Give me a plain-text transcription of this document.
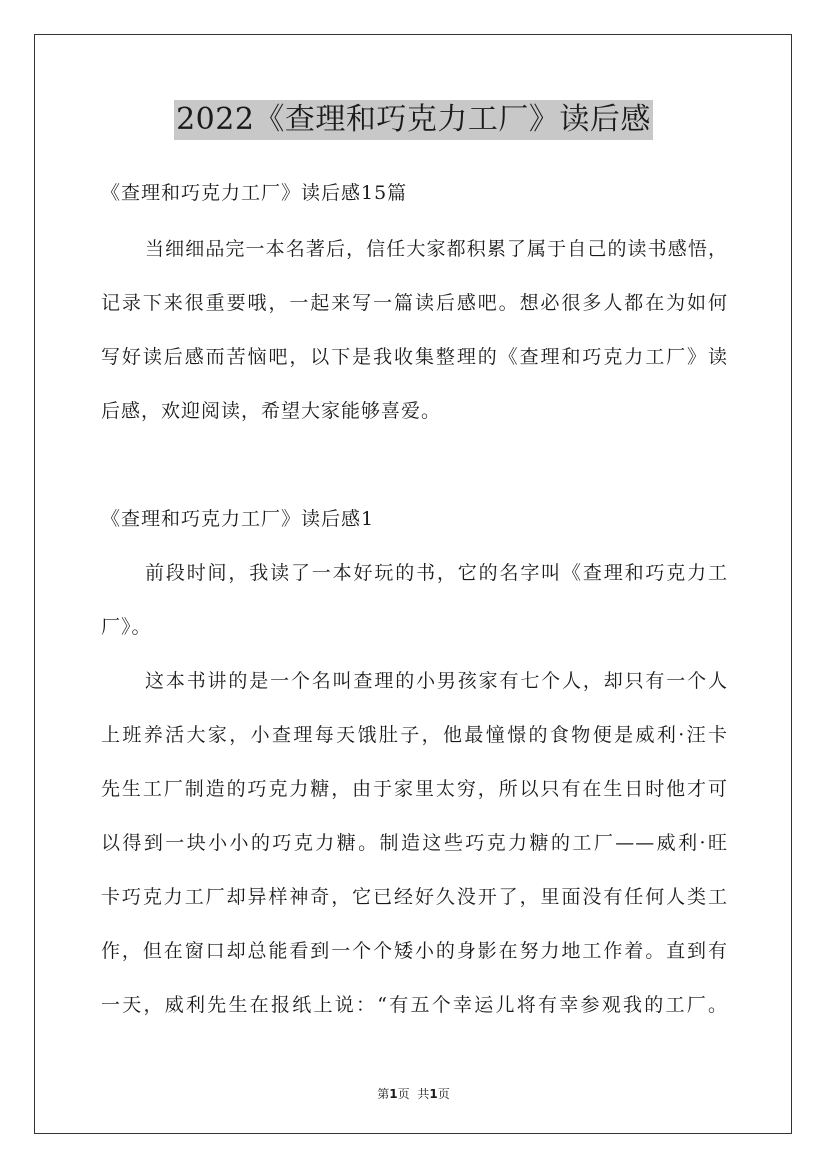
2022《查理和巧克力工厂》读后感
《查理和巧克力工厂》读后感15篇
当细细品完一本名著后，信任大家都积累了属于自己的读书感悟，
记录下来很重要哦，一起来写一篇读后感吧。想必很多人都在为如何
写好读后感而苦恼吧，以下是我收集整理的《查理和巧克力工厂》读
后感，欢迎阅读，希望大家能够喜爱。
《查理和巧克力工厂》读后感1
前段时间，我读了一本好玩的书，它的名字叫《查理和巧克力工
厂》。
这本书讲的是一个名叫查理的小男孩家有七个人，却只有一个人
上班养活大家，小查理每天饿肚子，他最憧憬的食物便是威利·汪卡
先生工厂制造的巧克力糖，由于家里太穷，所以只有在生日时他才可
以得到一块小小的巧克力糖。制造这些巧克力糖的工厂——威利·旺
卡巧克力工厂却异样神奇，它已经好久没开了，里面没有任何人类工
作，但在窗口却总能看到一个个矮小的身影在努力地工作着。直到有
一天，威利先生在报纸上说：“有五个幸运儿将有幸参观我的工厂。
第1页 共1页
